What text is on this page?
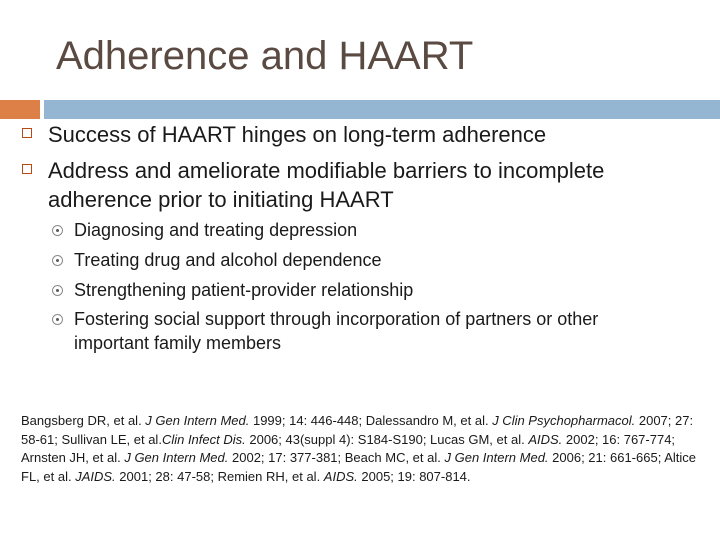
Adherence and HAART
Success of HAART hinges on long-term adherence
Address and ameliorate modifiable barriers to incomplete adherence prior to initiating HAART
Diagnosing and treating depression
Treating drug and alcohol dependence
Strengthening patient-provider relationship
Fostering social support through incorporation of partners or other important family members
Bangsberg DR, et al. J Gen Intern Med. 1999; 14: 446-448; Dalessandro M, et al. J Clin Psychopharmacol. 2007; 27: 58-61; Sullivan LE, et al.Clin Infect Dis. 2006; 43(suppl 4): S184-S190; Lucas GM, et al. AIDS. 2002; 16: 767-774; Arnsten JH, et al. J Gen Intern Med. 2002; 17: 377-381; Beach MC, et al. J Gen Intern Med. 2006; 21: 661-665; Altice FL, et al. JAIDS. 2001; 28: 47-58; Remien RH, et al. AIDS. 2005; 19: 807-814.
